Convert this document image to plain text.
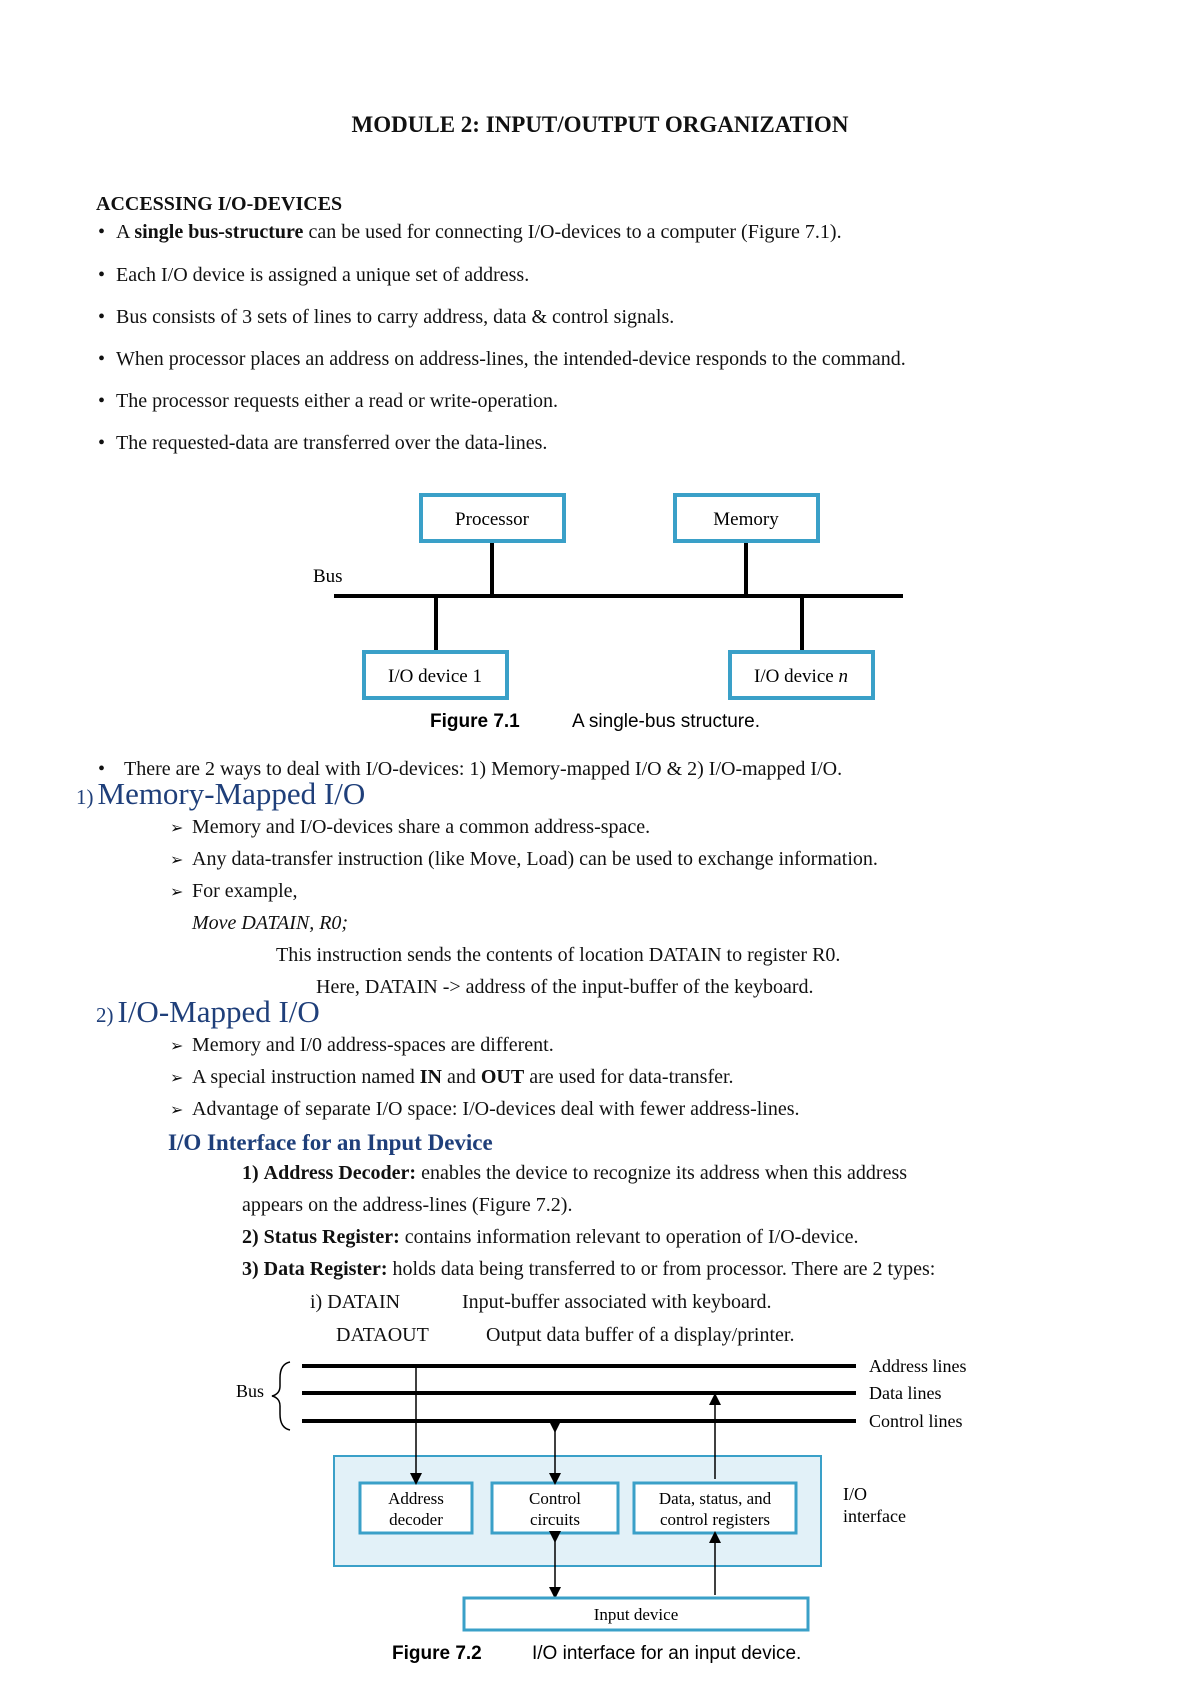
MODULE 2: INPUT/OUTPUT ORGANIZATION
ACCESSING I/O-DEVICES
• A single bus-structure can be used for connecting I/O-devices to a computer (Figure 7.1).
• Each I/O device is assigned a unique set of address.
• Bus consists of 3 sets of lines to carry address, data & control signals.
• When processor places an address on address-lines, the intended-device responds to the command.
• The processor requests either a read or write-operation.
• The requested-data are transferred over the data-lines.
Processor	Memory
Bus
I/O device 1	I/O device n
Figure 7.1	A single-bus structure.
• There are 2 ways to deal with I/O-devices: 1) Memory-mapped I/O & 2) I/O-mapped I/O.
1) Memory-Mapped I/O
➢ Memory and I/O-devices share a common address-space.
➢ Any data-transfer instruction (like Move, Load) can be used to exchange information.
➢ For example,
Move DATAIN, R0;
This instruction sends the contents of location DATAIN to register R0.
Here, DATAIN -> address of the input-buffer of the keyboard.
2) I/O-Mapped I/O
➢ Memory and I/0 address-spaces are different.
➢ A special instruction named IN and OUT are used for data-transfer.
➢ Advantage of separate I/O space: I/O-devices deal with fewer address-lines.
I/O Interface for an Input Device
1) Address Decoder: enables the device to recognize its address when this address
appears on the address-lines (Figure 7.2).
2) Status Register: contains information relevant to operation of I/O-device.
3) Data Register: holds data being transferred to or from processor. There are 2 types:
i) DATAIN	Input-buffer associated with keyboard.
DATAOUT	Output data buffer of a display/printer.
Bus
Address lines
Data lines
Control lines
I/O
interface
Address
decoder
Control
circuits
Data, status, and
control registers
Input device
Figure 7.2	I/O interface for an input device.
